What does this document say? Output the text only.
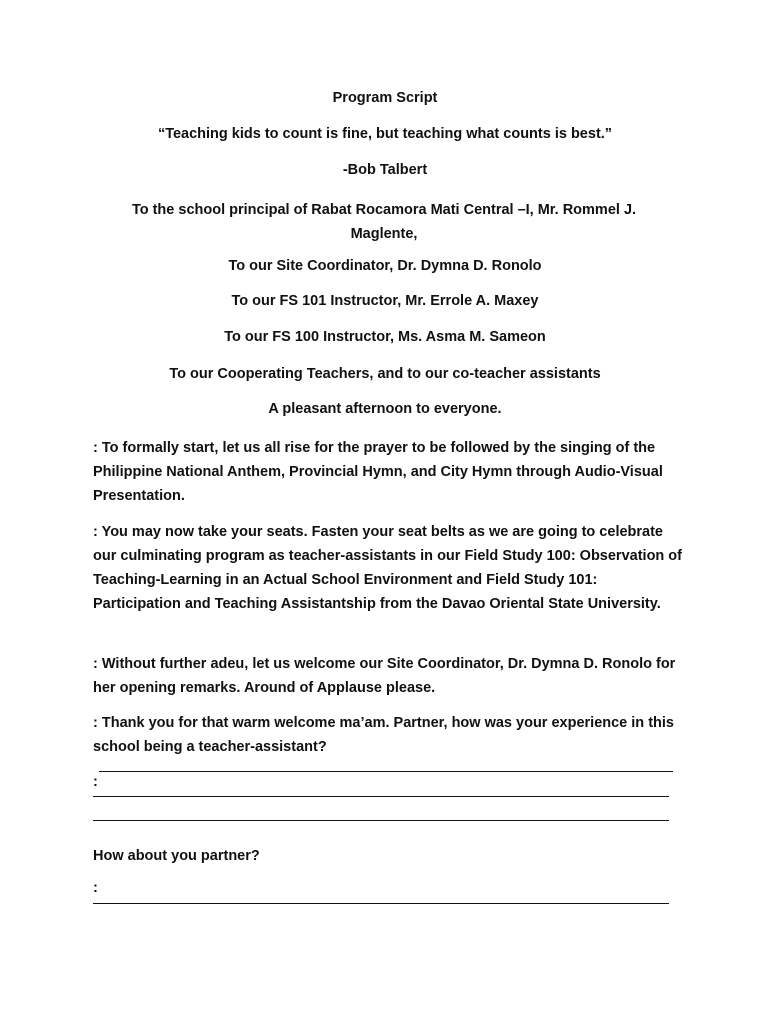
Program Script
“Teaching kids to count is fine, but teaching what counts is best.”
-Bob Talbert
To the school principal of Rabat Rocamora Mati Central –I, Mr. Rommel J. Maglente,
To our Site Coordinator, Dr. Dymna D. Ronolo
To our FS 101 Instructor, Mr. Errole A. Maxey
To our FS 100 Instructor, Ms. Asma M. Sameon
To our Cooperating Teachers, and to our co-teacher assistants
A pleasant afternoon to everyone.
: To formally start, let us all rise for the prayer to be followed by the singing of the Philippine National Anthem, Provincial Hymn, and City Hymn through Audio-Visual Presentation.
: You may now take your seats. Fasten your seat belts as we are going to celebrate our culminating program as teacher-assistants in our Field Study 100: Observation of Teaching-Learning in an Actual School Environment and Field Study 101: Participation and Teaching Assistantship from the Davao Oriental State University.
: Without further adeu, let us welcome our Site Coordinator, Dr. Dymna D. Ronolo for her opening remarks. Around of Applause please.
: Thank you for that warm welcome ma’am. Partner, how was your experience in this school being a teacher-assistant?
:
How about you partner?
:
